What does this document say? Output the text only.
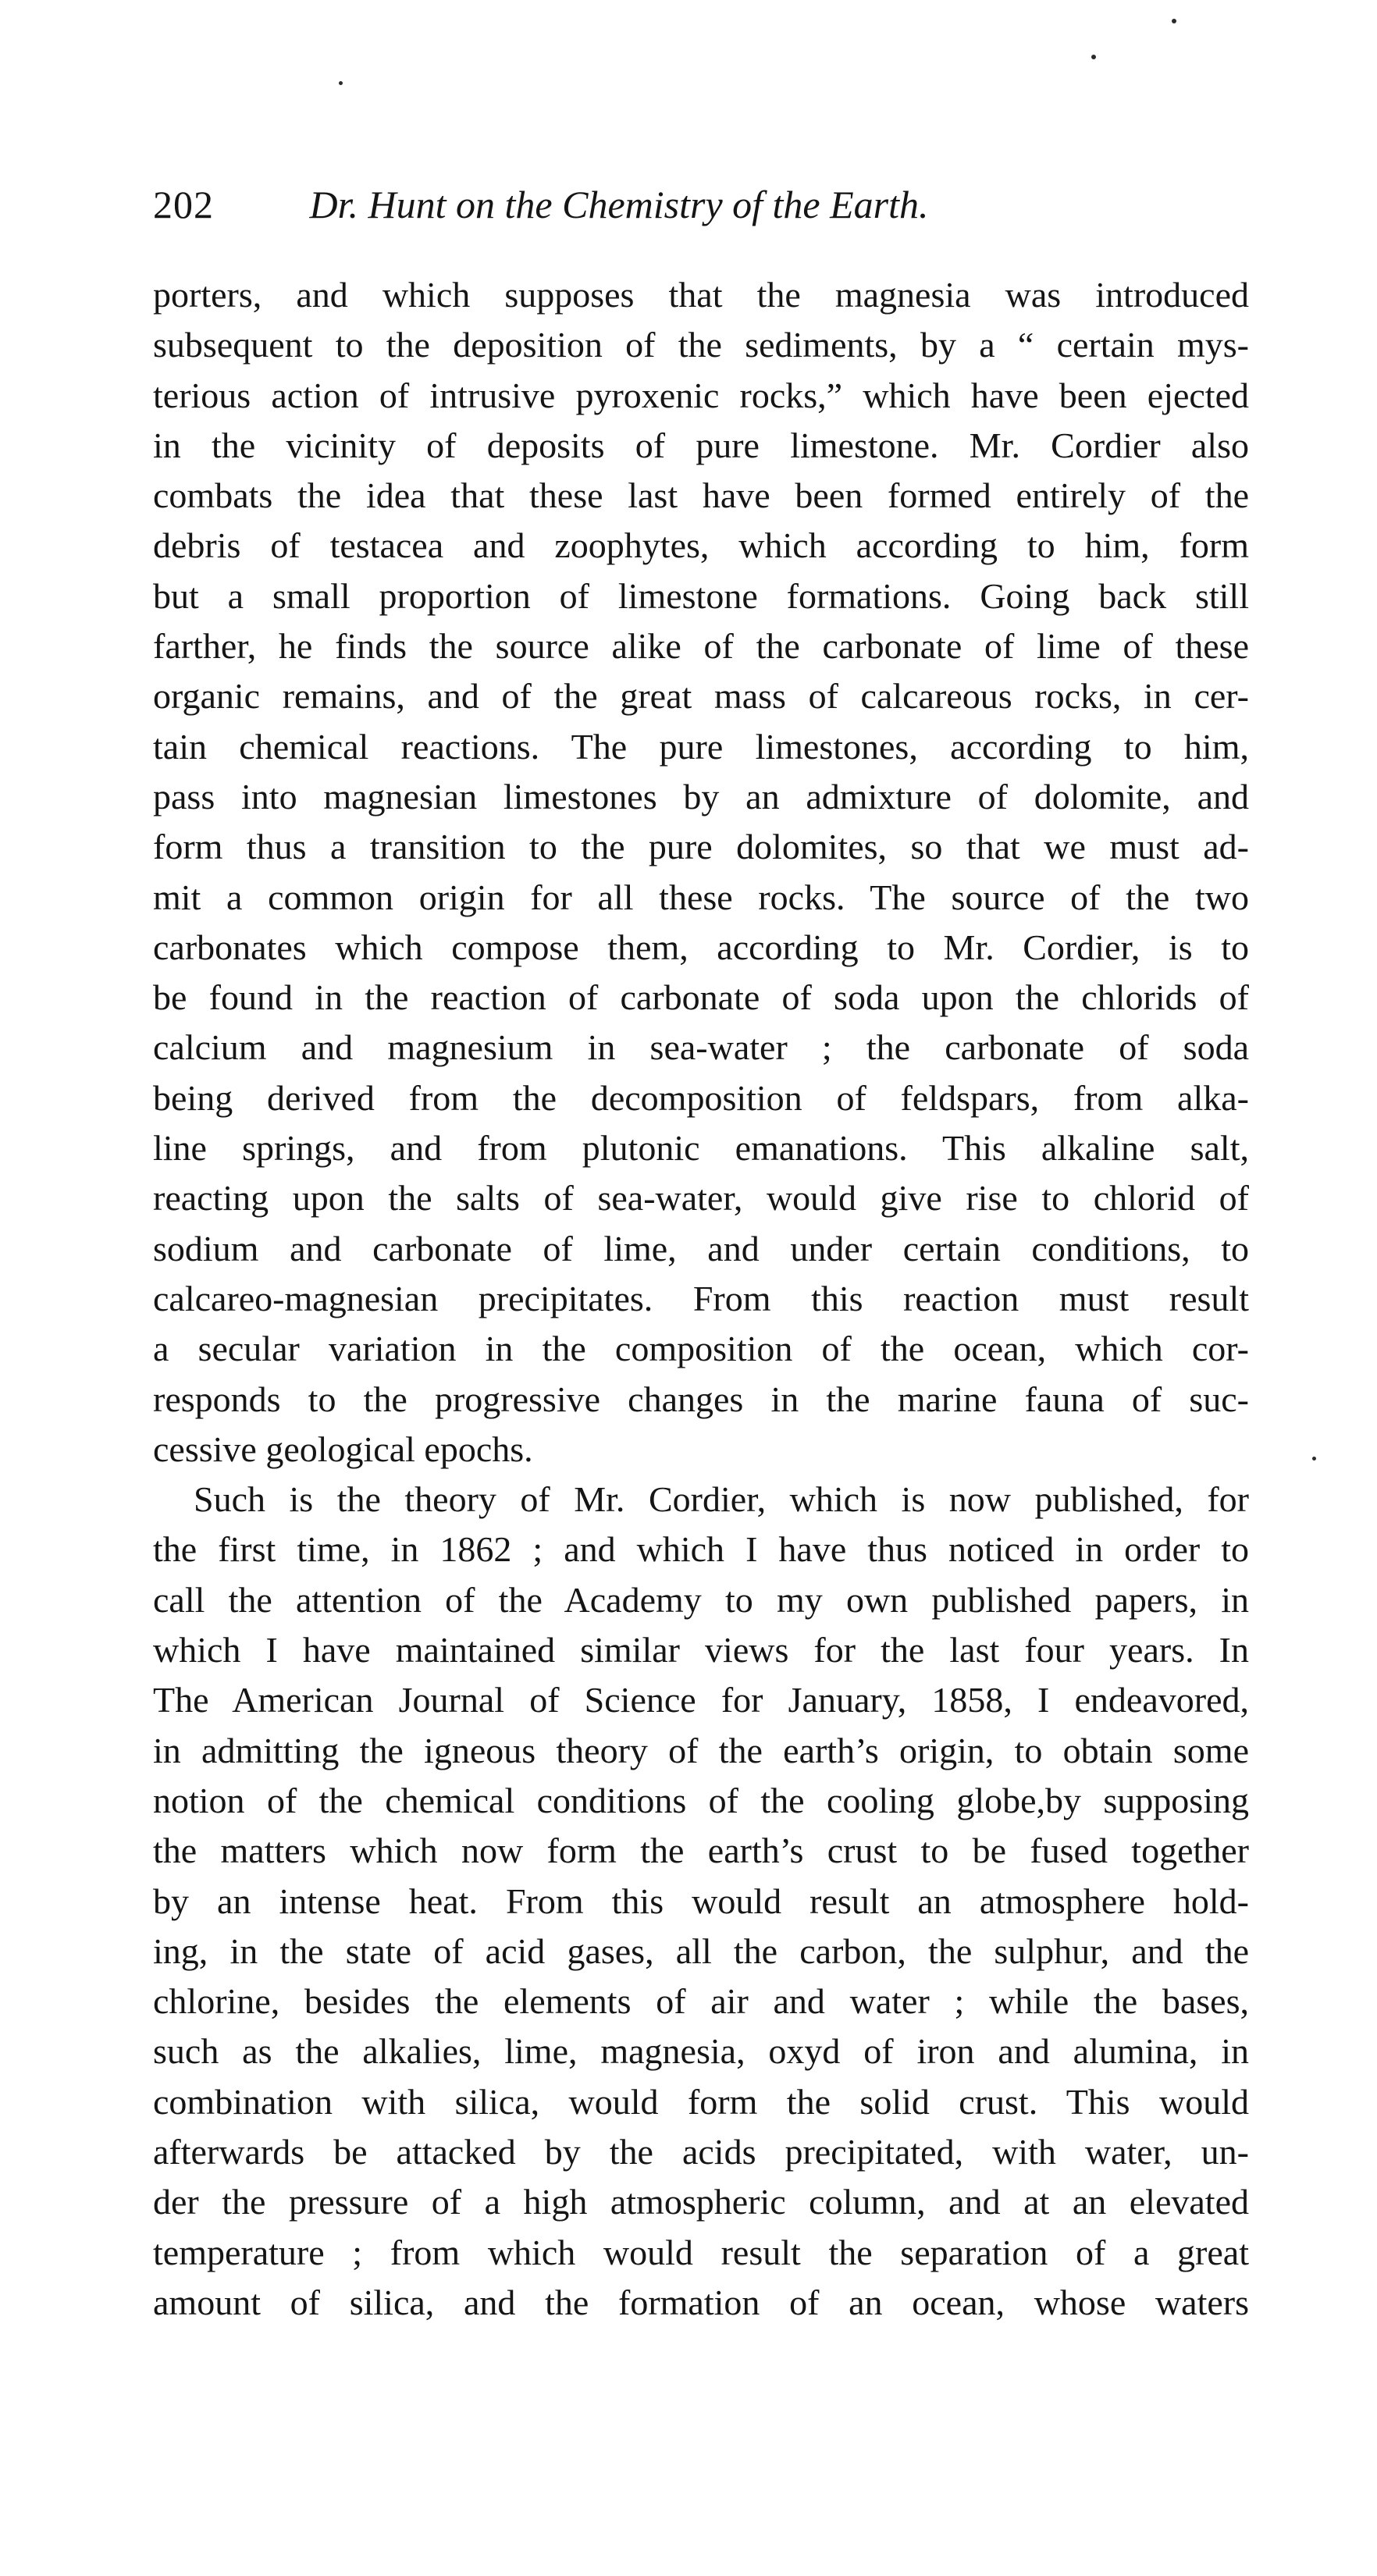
202 Dr. Hunt on the Chemistry of the Earth.
porters, and which supposes that the magnesia was introduced
subsequent to the deposition of the sediments, by a “ certain mys-
terious action of intrusive pyroxenic rocks,” which have been ejected
in the vicinity of deposits of pure limestone. Mr. Cordier also
combats the idea that these last have been formed entirely of the
debris of testacea and zoophytes, which according to him, form
but a small proportion of limestone formations. Going back still
farther, he finds the source alike of the carbonate of lime of these
organic remains, and of the great mass of calcareous rocks, in cer-
tain chemical reactions. The pure limestones, according to him,
pass into magnesian limestones by an admixture of dolomite, and
form thus a transition to the pure dolomites, so that we must ad-
mit a common origin for all these rocks. The source of the two
carbonates which compose them, according to Mr. Cordier, is to
be found in the reaction of carbonate of soda upon the chlorids of
calcium and magnesium in sea-water ; the carbonate of soda
being derived from the decomposition of feldspars, from alka-
line springs, and from plutonic emanations. This alkaline salt,
reacting upon the salts of sea-water, would give rise to chlorid of
sodium and carbonate of lime, and under certain conditions, to
calcareo-magnesian precipitates. From this reaction must result
a secular variation in the composition of the ocean, which cor-
responds to the progressive changes in the marine fauna of suc-
cessive geological epochs.
Such is the theory of Mr. Cordier, which is now published, for
the first time, in 1862 ; and which I have thus noticed in order to
call the attention of the Academy to my own published papers, in
which I have maintained similar views for the last four years. In
The American Journal of Science for January, 1858, I endeavored,
in admitting the igneous theory of the earth’s origin, to obtain some
notion of the chemical conditions of the cooling globe,by supposing
the matters which now form the earth’s crust to be fused together
by an intense heat. From this would result an atmosphere hold-
ing, in the state of acid gases, all the carbon, the sulphur, and the
chlorine, besides the elements of air and water ; while the bases,
such as the alkalies, lime, magnesia, oxyd of iron and alumina, in
combination with silica, would form the solid crust. This would
afterwards be attacked by the acids precipitated, with water, un-
der the pressure of a high atmospheric column, and at an elevated
temperature ; from which would result the separation of a great
amount of silica, and the formation of an ocean, whose waters
